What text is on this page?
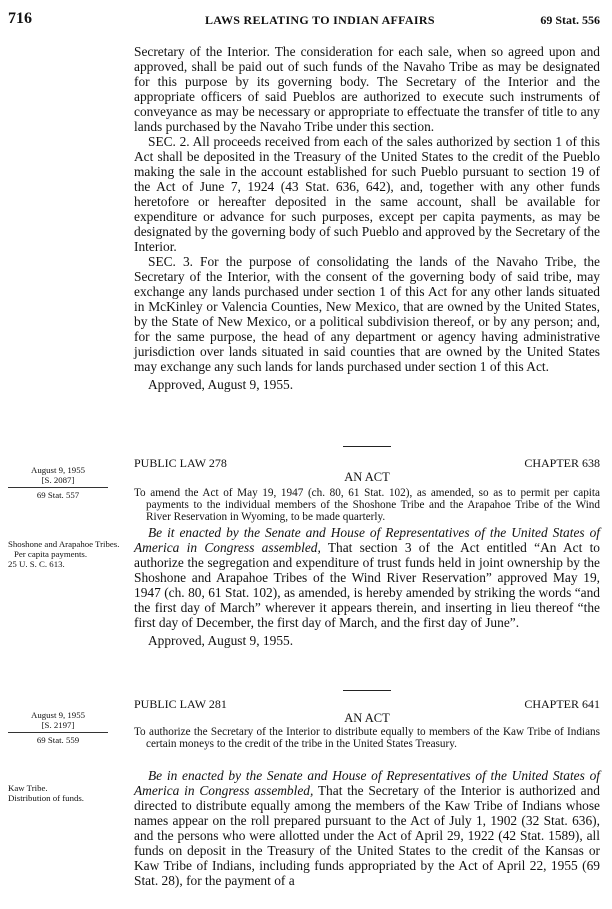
716	LAWS RELATING TO INDIAN AFFAIRS	69 Stat. 556

Secretary of the Interior. The consideration for each sale, when so agreed upon and approved, shall be paid out of such funds of the Navaho Tribe as may be designated for this purpose by its governing body. The Secretary of the Interior and the appropriate officers of said Pueblos are authorized to execute such instruments of conveyance as may be necessary or appropriate to effectuate the transfer of title to any lands purchased by the Navaho Tribe under this section.

SEC. 2. All proceeds received from each of the sales authorized by section 1 of this Act shall be deposited in the Treasury of the United States to the credit of the Pueblo making the sale in the account established for such Pueblo pursuant to section 19 of the Act of June 7, 1924 (43 Stat. 636, 642), and, together with any other funds heretofore or hereafter deposited in the same account, shall be available for expenditure or advance for such purposes, except per capita payments, as may be designated by the governing body of such Pueblo and approved by the Secretary of the Interior.

SEC. 3. For the purpose of consolidating the lands of the Navaho Tribe, the Secretary of the Interior, with the consent of the governing body of said tribe, may exchange any lands purchased under section 1 of this Act for any other lands situated in McKinley or Valencia Counties, New Mexico, that are owned by the United States, by the State of New Mexico, or a political subdivision thereof, or by any person; and, for the same purpose, the head of any department or agency having administrative jurisdiction over lands situated in said counties that are owned by the United States may exchange any such lands for lands purchased under section 1 of this Act.

Approved, August 9, 1955.

PUBLIC LAW 278	CHAPTER 638
AN ACT
August 9, 1955
[S. 2087]
69 Stat. 557	To amend the Act of May 19, 1947 (ch. 80, 61 Stat. 102), as amended, so as to permit per capita payments to the individual members of the Shoshone Tribe and the Arapahoe Tribe of the Wind River Reservation in Wyoming, to be made quarterly.

Shoshone and Arapahoe Tribes.
Per capita payments.
25 U. S. C. 613.

Be it enacted by the Senate and House of Representatives of the United States of America in Congress assembled, That section 3 of the Act entitled “An Act to authorize the segregation and expenditure of trust funds held in joint ownership by the Shoshone and Arapahoe Tribes of the Wind River Reservation” approved May 19, 1947 (ch. 80, 61 Stat. 102), as amended, is hereby amended by striking the words “and the first day of March” wherever it appears therein, and inserting in lieu thereof “the first day of December, the first day of March, and the first day of June”.

Approved, August 9, 1955.

PUBLIC LAW 281	CHAPTER 641
AN ACT
August 9, 1955
[S. 2197]
69 Stat. 559

To authorize the Secretary of the Interior to distribute equally to members of the Kaw Tribe of Indians certain moneys to the credit of the tribe in the United States Treasury.

Kaw Tribe.
Distribution of funds.

Be in enacted by the Senate and House of Representatives of the United States of America in Congress assembled, That the Secretary of the Interior is authorized and directed to distribute equally among the members of the Kaw Tribe of Indians whose names appear on the roll prepared pursuant to the Act of July 1, 1902 (32 Stat. 636), and the persons who were allotted under the Act of April 29, 1922 (42 Stat. 1589), all funds on deposit in the Treasury of the United States to the credit of the Kansas or Kaw Tribe of Indians, including funds appropriated by the Act of April 22, 1955 (69 Stat. 28), for the payment of a
